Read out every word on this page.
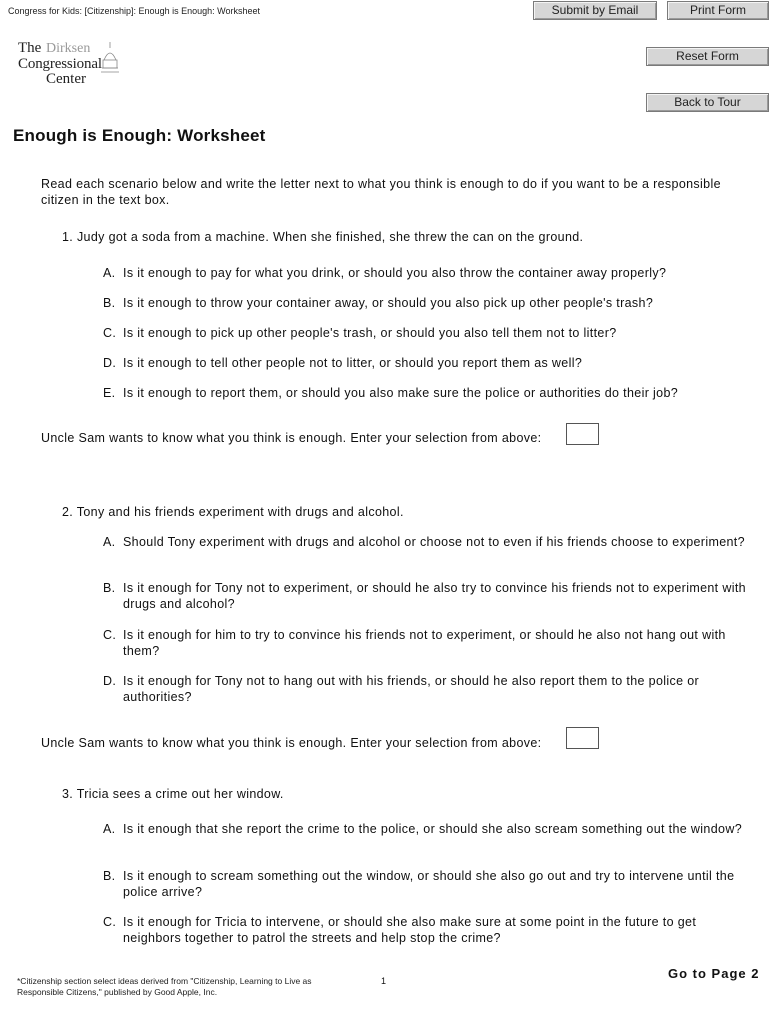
Congress for Kids: [Citizenship]: Enough is Enough: Worksheet	Submit by Email	Print Form
Reset Form
Back to Tour
The Dirksen
Congressional
Center
Enough is Enough: Worksheet
Read each scenario below and write the letter next to what you think is enough to do if you want to be a responsible citizen in the text box.
1. Judy got a soda from a machine. When she finished, she threw the can on the ground.
A. Is it enough to pay for what you drink, or should you also throw the container away properly?
B. Is it enough to throw your container away, or should you also pick up other people's trash?
C. Is it enough to pick up other people's trash, or should you also tell them not to litter?
D. Is it enough to tell other people not to litter, or should you report them as well?
E. Is it enough to report them, or should you also make sure the police or authorities do their job?
Uncle Sam wants to know what you think is enough. Enter your selection from above:
2. Tony and his friends experiment with drugs and alcohol.
A. Should Tony experiment with drugs and alcohol or choose not to even if his friends choose to experiment?
B. Is it enough for Tony not to experiment, or should he also try to convince his friends not to experiment with drugs and alcohol?
C. Is it enough for him to try to convince his friends not to experiment, or should he also not hang out with them?
D. Is it enough for Tony not to hang out with his friends, or should he also report them to the police or authorities?
Uncle Sam wants to know what you think is enough. Enter your selection from above:
3. Tricia sees a crime out her window.
A. Is it enough that she report the crime to the police, or should she also scream something out the window?
B. Is it enough to scream something out the window, or should she also go out and try to intervene until the police arrive?
C. Is it enough for Tricia to intervene, or should she also make sure at some point in the future to get neighbors together to patrol the streets and help stop the crime?
*Citizenship section select ideas derived from "Citizenship, Learning to Live as Responsible Citizens," published by Good Apple, Inc.
1	Go to Page 2
